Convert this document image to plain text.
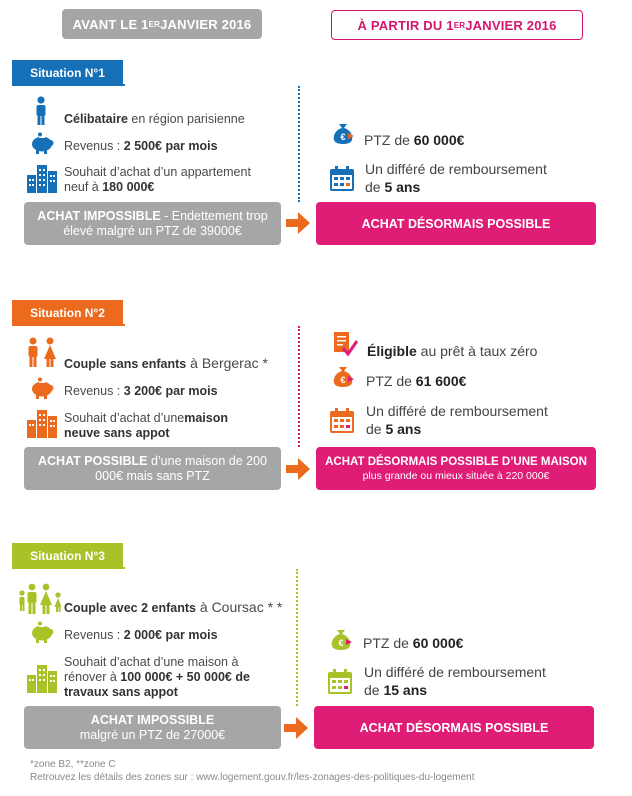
AVANT LE 1 ER JANVIER 2016	À PARTIR DU 1 ER JANVIER 2016
Situation N°1
Célibataire en région parisienne
Revenus : 2 500€ par mois
Souhait d’achat d’un appartement
neuf à 180 000€
ACHAT IMPOSSIBLE - Endettement trop élevé malgré un PTZ de 39000€
€ PTZ de 60 000€
Un différé de remboursement
de 5 ans
ACHAT DÉSORMAIS POSSIBLE
Situation N°2
Couple sans enfants à Bergerac *
Revenus : 3 200€ par mois
Souhait d’achat d’unemaison
neuve sans appot
ACHAT POSSIBLE d’une maison de 200 000€ mais sans PTZ
Éligible au prêt à taux zéro
€ PTZ de 61 600€
Un différé de remboursement
de 5 ans
ACHAT DÉSORMAIS POSSIBLE D’UNE MAISON
plus grande ou mieux située à 220 000€
Situation N°3
Couple avec 2 enfants à Coursac * *
Revenus : 2 000€ par mois
Souhait d’achat d’une maison à
rénover à 100 000€ + 50 000€ de
travaux sans appot
ACHAT IMPOSSIBLE
malgré un PTZ de 27000€
€ PTZ de 60 000€
Un différé de remboursement
de 15 ans
ACHAT DÉSORMAIS POSSIBLE
*zone B2, **zone C
Retrouvez les détails des zones sur : www.logement.gouv.fr/les-zonages-des-politiques-du-logement
